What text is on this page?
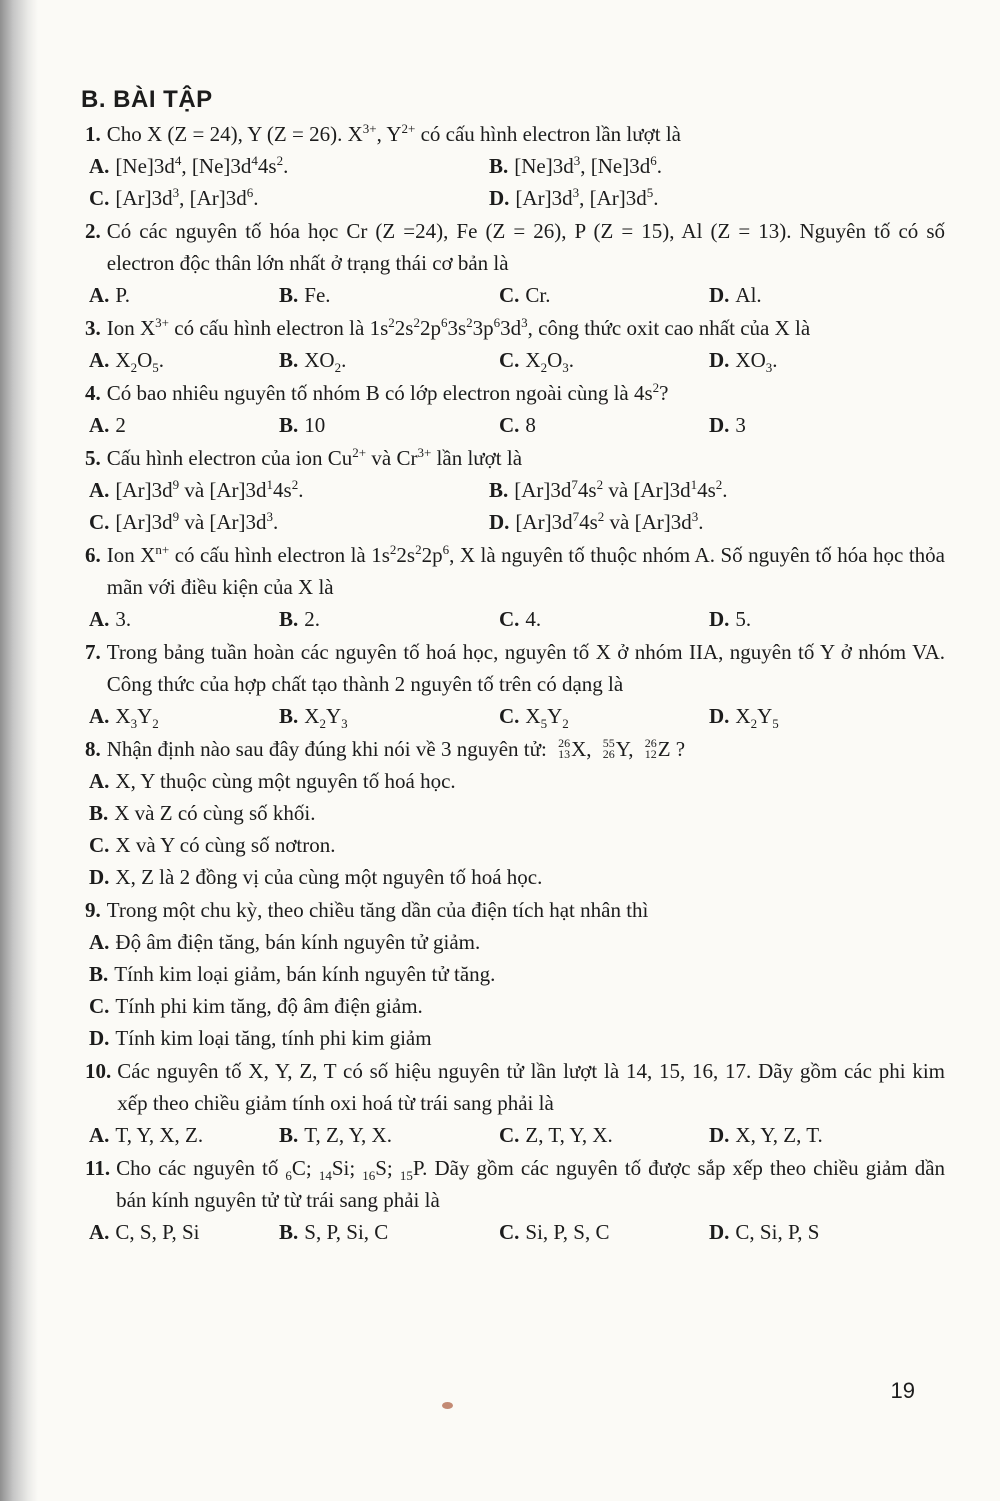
B. BÀI TẬP
1. Cho X (Z = 24), Y (Z = 26). $X^{3+}$, $Y^{2+}$ có cấu hình electron lần lượt là
A. $[Ne]3d^4$, $[Ne]3d^44s^2$.	B. $[Ne]3d^3$, $[Ne]3d^6$.
C. $[Ar]3d^3$, $[Ar]3d^6$.	D. $[Ar]3d^3$, $[Ar]3d^5$.
2. Có các nguyên tố hóa học Cr (Z =24), Fe (Z = 26), P (Z = 15), Al (Z = 13). Nguyên tố có số electron độc thân lớn nhất ở trạng thái cơ bản là
A. P.	B. Fe.	C. Cr.	D. Al.
3. Ion $X^{3+}$ có cấu hình electron là $1s^22s^22p^63s^23p^63d^3$, công thức oxit cao nhất của X là
A. $X_2O_5$.	B. $XO_2$.	C. $X_2O_3$.	D. $XO_3$.
4. Có bao nhiêu nguyên tố nhóm B có lớp electron ngoài cùng là $4s^2$?
A. 2	B. 10	C. 8	D. 3
5. Cấu hình electron của ion $Cu^{2+}$ và $Cr^{3+}$ lần lượt là
A. $[Ar]3d^9$ và $[Ar]3d^14s^2$.	B. $[Ar]3d^74s^2$ và $[Ar]3d^14s^2$.
C. $[Ar]3d^9$ và $[Ar]3d^3$.	D. $[Ar]3d^74s^2$ và $[Ar]3d^3$.
6. Ion $X^{n+}$ có cấu hình electron là $1s^22s^22p^6$, X là nguyên tố thuộc nhóm A. Số nguyên tố hóa học thỏa mãn với điều kiện của X là
A. 3.	B. 2.	C. 4.	D. 5.
7. Trong bảng tuần hoàn các nguyên tố hoá học, nguyên tố X ở nhóm IIA, nguyên tố Y ở nhóm VA. Công thức của hợp chất tạo thành 2 nguyên tố trên có dạng là
A. $X_3Y_2$	B. $X_2Y_3$	C. $X_5Y_2$	D. $X_2Y_5$
8. Nhận định nào sau đây đúng khi nói về 3 nguyên tử: 26
13 X, 55
26 Y, 26
12 Z ?
A. X, Y thuộc cùng một nguyên tố hoá học.
B. X và Z có cùng số khối.
C. X và Y có cùng số nơtron.
D. X, Z là 2 đồng vị của cùng một nguyên tố hoá học.
9. Trong một chu kỳ, theo chiều tăng dần của điện tích hạt nhân thì
A. Độ âm điện tăng, bán kính nguyên tử giảm.
B. Tính kim loại giảm, bán kính nguyên tử tăng.
C. Tính phi kim tăng, độ âm điện giảm.
D. Tính kim loại tăng, tính phi kim giảm
10. Các nguyên tố X, Y, Z, T có số hiệu nguyên tử lần lượt là 14, 15, 16, 17. Dãy gồm các phi kim xếp theo chiều giảm tính oxi hoá từ trái sang phải là
A. T, Y, X, Z.	B. T, Z, Y, X.	C. Z, T, Y, X.	D. X, Y, Z, T.
11. Cho các nguyên tố $_6$C; $_{14}$Si; $_{16}$S; $_{15}$P. Dãy gồm các nguyên tố được sắp xếp theo chiều giảm dần bán kính nguyên tử từ trái sang phải là
A. C, S, P, Si	B. S, P, Si, C	C. Si, P, S, C	D. C, Si, P, S
19
